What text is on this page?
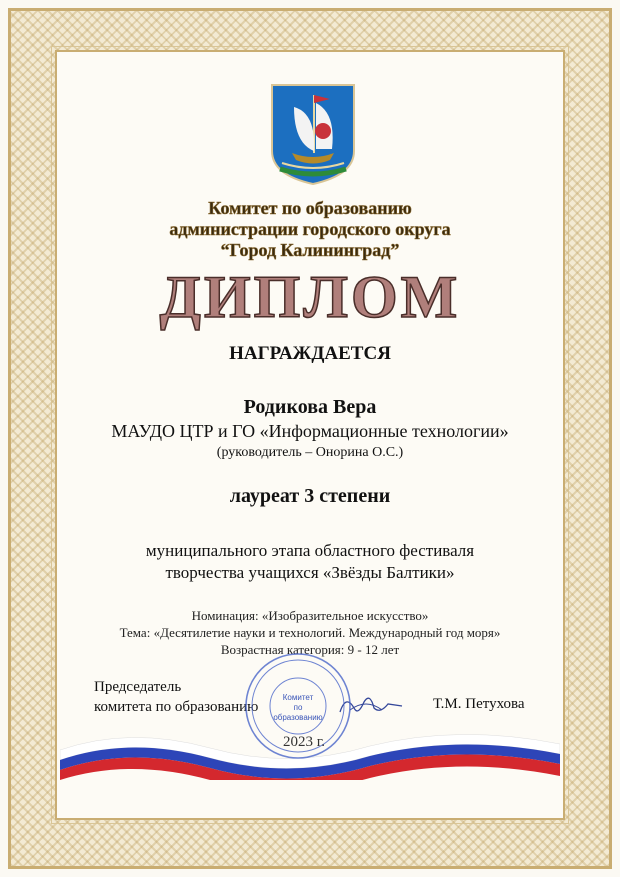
Комитет по образованию
администрации городского округа
“Город Калининград”
ДИПЛОМ
НАГРАЖДАЕТСЯ
Родикова Вера
МАУДО ЦТР и ГО «Информационные технологии»
(руководитель – Онорина О.С.)
лауреат 3 степени
муниципального этапа областного фестиваля
творчества учащихся «Звёзды Балтики»
Номинация: «Изобразительное искусство»
Тема: «Десятилетие науки и технологий. Международный год моря»
Возрастная категория: 9 - 12 лет
Председатель
комитета по образованию	Т.М. Петухова
Комитет
по
образованию
2023 г.
